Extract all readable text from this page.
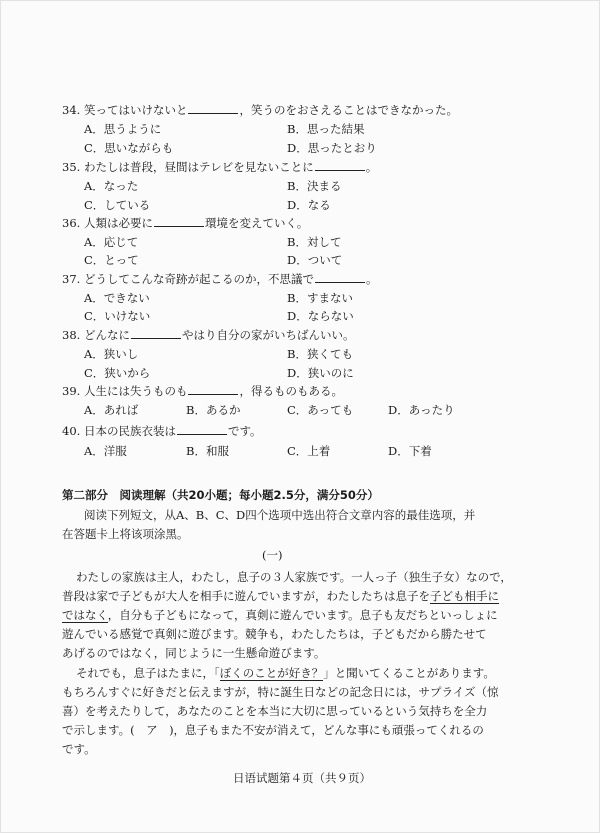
34. 笑ってはいけないと	，笑うのをおさえることはできなかった。
A．思うように	B．思った結果
C．思いながらも	D．思ったとおり
35. わたしは普段，昼間はテレビを見ないことに	。
A．なった	B．決まる
C．している	D．なる
36. 人類は必要に	環境を変えていく。
A．応じて	B．対して
C．とって	D．ついて
37. どうしてこんな奇跡が起こるのか，不思議で	。
A．できない	B．すまない
C．いけない	D．ならない
38. どんなに	やはり自分の家がいちばんいい。
A．狭いし	B．狭くても
C．狭いから	D．狭いのに
39. 人生には失うものも	，得るものもある。
A．あれば	B．あるか	C．あっても	D．あったり
40. 日本の民族衣装は	です。
A．洋服	B．和服	C．上着	D．下着
第二部分　阅读理解（共20小题；每小题2.5分，满分50分）
阅读下列短文，从A、B、C、D四个选项中选出符合文章内容的最佳选项，并
在答题卡上将该项涂黑。
(一)
わたしの家族は主人，わたし，息子の３人家族です。一人っ子（独生子女）なので，
普段は家で子どもが大人を相手に遊んでいますが，わたしたちは息子を子ども相手に
ではなく，自分も子どもになって，真剣に遊んでいます。息子も友だちといっしょに
遊んでいる感覚で真剣に遊びます。競争も，わたしたちは，子どもだから勝たせて
あげるのではなく，同じように一生懸命遊びます。
それでも，息子はたまに，「ぼくのことが好き？」と聞いてくることがあります。
もちろんすぐに好きだと伝えますが，特に誕生日などの記念日には，サプライズ（惊
喜）を考えたりして，あなたのことを本当に大切に思っているという気持ちを全力
で示します。(　ア　)，息子もまた不安が消えて，どんな事にも頑張ってくれるの
です。
日语试题第４页（共９页）
